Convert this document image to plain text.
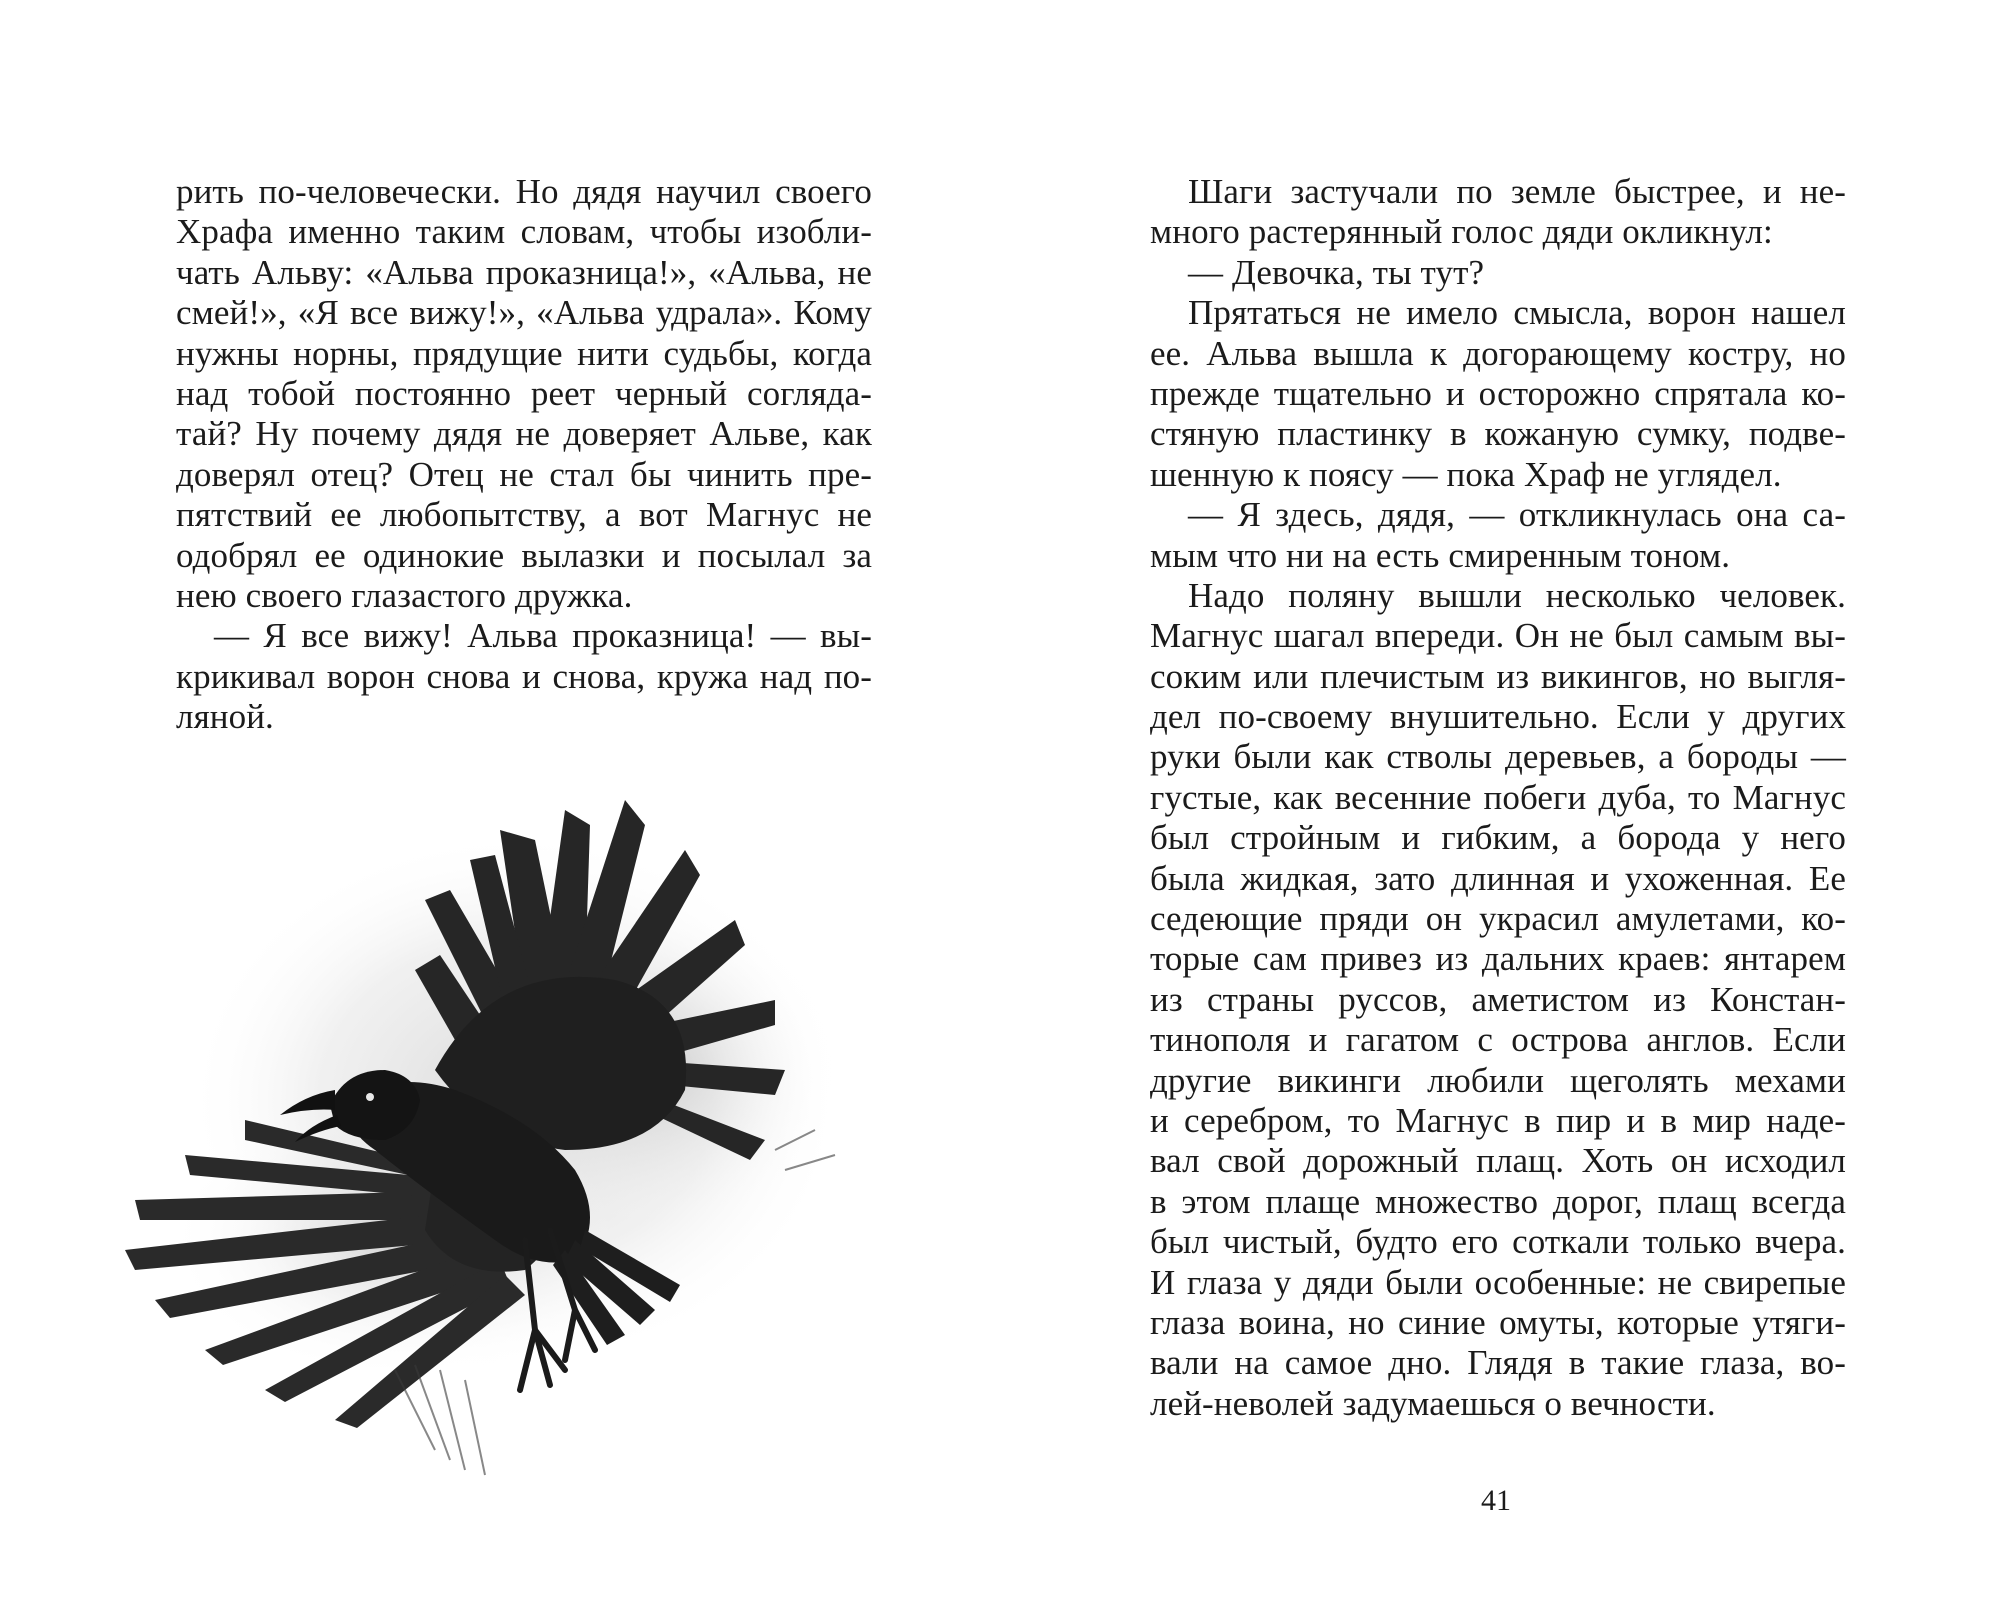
рить по-человечески. Но дядя научил своего
Храфа именно таким словам, чтобы изобли-
чать Альву: «Альва проказница!», «Альва, не
смей!», «Я все вижу!», «Альва удрала». Кому
нужны норны, прядущие нити судьбы, когда
над тобой постоянно реет черный соглядa-
тай? Ну почему дядя не доверяет Альве, как
доверял отец? Отец не стал бы чинить пре-
пятствий ее любопытству, а вот Магнус не
одобрял ее одинокие вылазки и посылал за
нею своего глазастого дружка.
— Я все вижу! Альва проказница! — вы-
крикивал ворон снова и снова, кружа над по-
ляной.
Шаги застучали по земле быстрее, и не-
много растерянный голос дяди окликнул:
— Девочка, ты тут?
Прятаться не имело смысла, ворон нашел
ее. Альва вышла к догорающему костру, но
прежде тщательно и осторожно спрятала ко-
стяную пластинку в кожаную сумку, подве-
шенную к поясу — пока Храф не углядел.
— Я здесь, дядя, — откликнулась она са-
мым что ни на есть смиренным тоном.
Надо поляну вышли несколько человек.
Магнус шагал впереди. Он не был самым вы-
соким или плечистым из викингов, но выгля-
дел по-своему внушительно. Если у других
руки были как стволы деревьев, а бороды —
густые, как весенние побеги дуба, то Магнус
был стройным и гибким, а борода у него
была жидкая, зато длинная и ухоженная. Ее
седеющие пряди он украсил амулетами, ко-
торые сам привез из дальних краев: янтарем
из страны руссов, аметистом из Констан-
тинополя и гагатом с острова англов. Если
другие викинги любили щеголять мехами
и серебром, то Магнус в пир и в мир наде-
вал свой дорожный плащ. Хоть он исходил
в этом плаще множество дорог, плащ всегда
был чистый, будто его соткали только вчера.
И глаза у дяди были особенные: не свирепые
глаза воина, но синие омуты, которые утяги-
вали на самое дно. Глядя в такие глаза, во-
лей-неволей задумаешься о вечности.
41
